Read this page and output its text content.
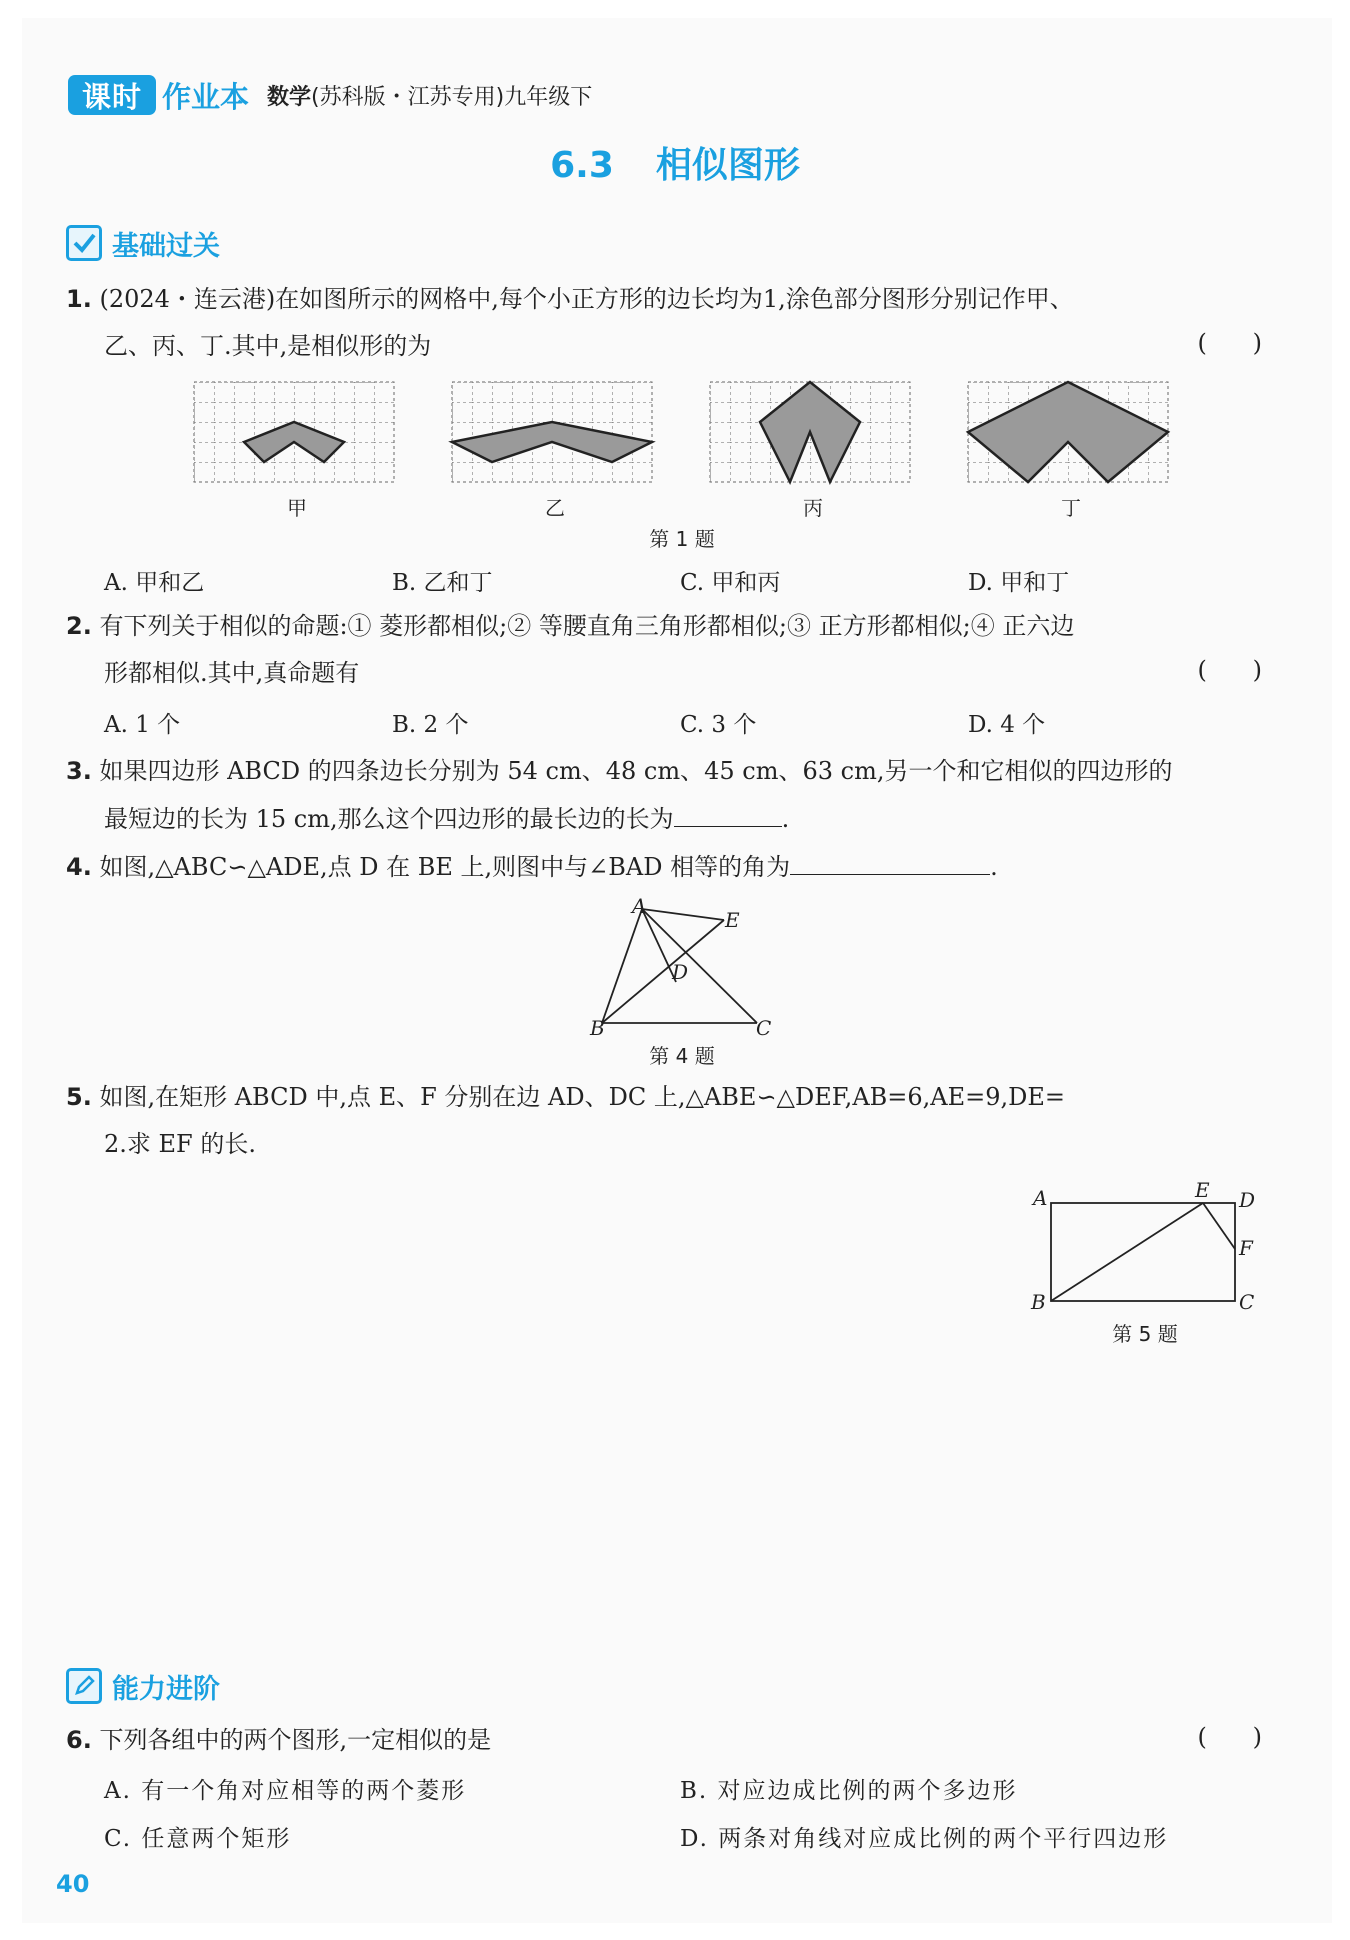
课时 作业本 数学(苏科版・江苏专用)九年级下
6.3 相似图形
基础过关
1. (2024・连云港)在如图所示的网格中,每个小正方形的边长均为1,涂色部分图形分别记作甲、
乙、丙、丁.其中,是相似形的为	(      )
甲	乙	丙	丁
第 1 题
A. 甲和乙	B. 乙和丁	C. 甲和丙	D. 甲和丁
2. 有下列关于相似的命题:① 菱形都相似;② 等腰直角三角形都相似;③ 正方形都相似;④ 正六边
形都相似.其中,真命题有	(      )
A. 1 个	B. 2 个	C. 3 个	D. 4 个
3. 如果四边形 ABCD 的四条边长分别为 54 cm、48 cm、45 cm、63 cm,另一个和它相似的四边形的
最短边的长为 15 cm,那么这个四边形的最长边的长为	.
4. 如图,△ABC∽△ADE,点 D 在 BE 上,则图中与∠BAD 相等的角为	.
A
E
D
B	C
第 4 题
5. 如图,在矩形 ABCD 中,点 E、F 分别在边 AD、DC 上,△ABE∽△DEF,AB=6,AE=9,DE=
2.求 EF 的长.
A	E D
F
B	C
第 5 题
能力进阶
6. 下列各组中的两个图形,一定相似的是	(      )
A. 有一个角对应相等的两个菱形	B. 对应边成比例的两个多边形
C. 任意两个矩形	D. 两条对角线对应成比例的两个平行四边形
40
